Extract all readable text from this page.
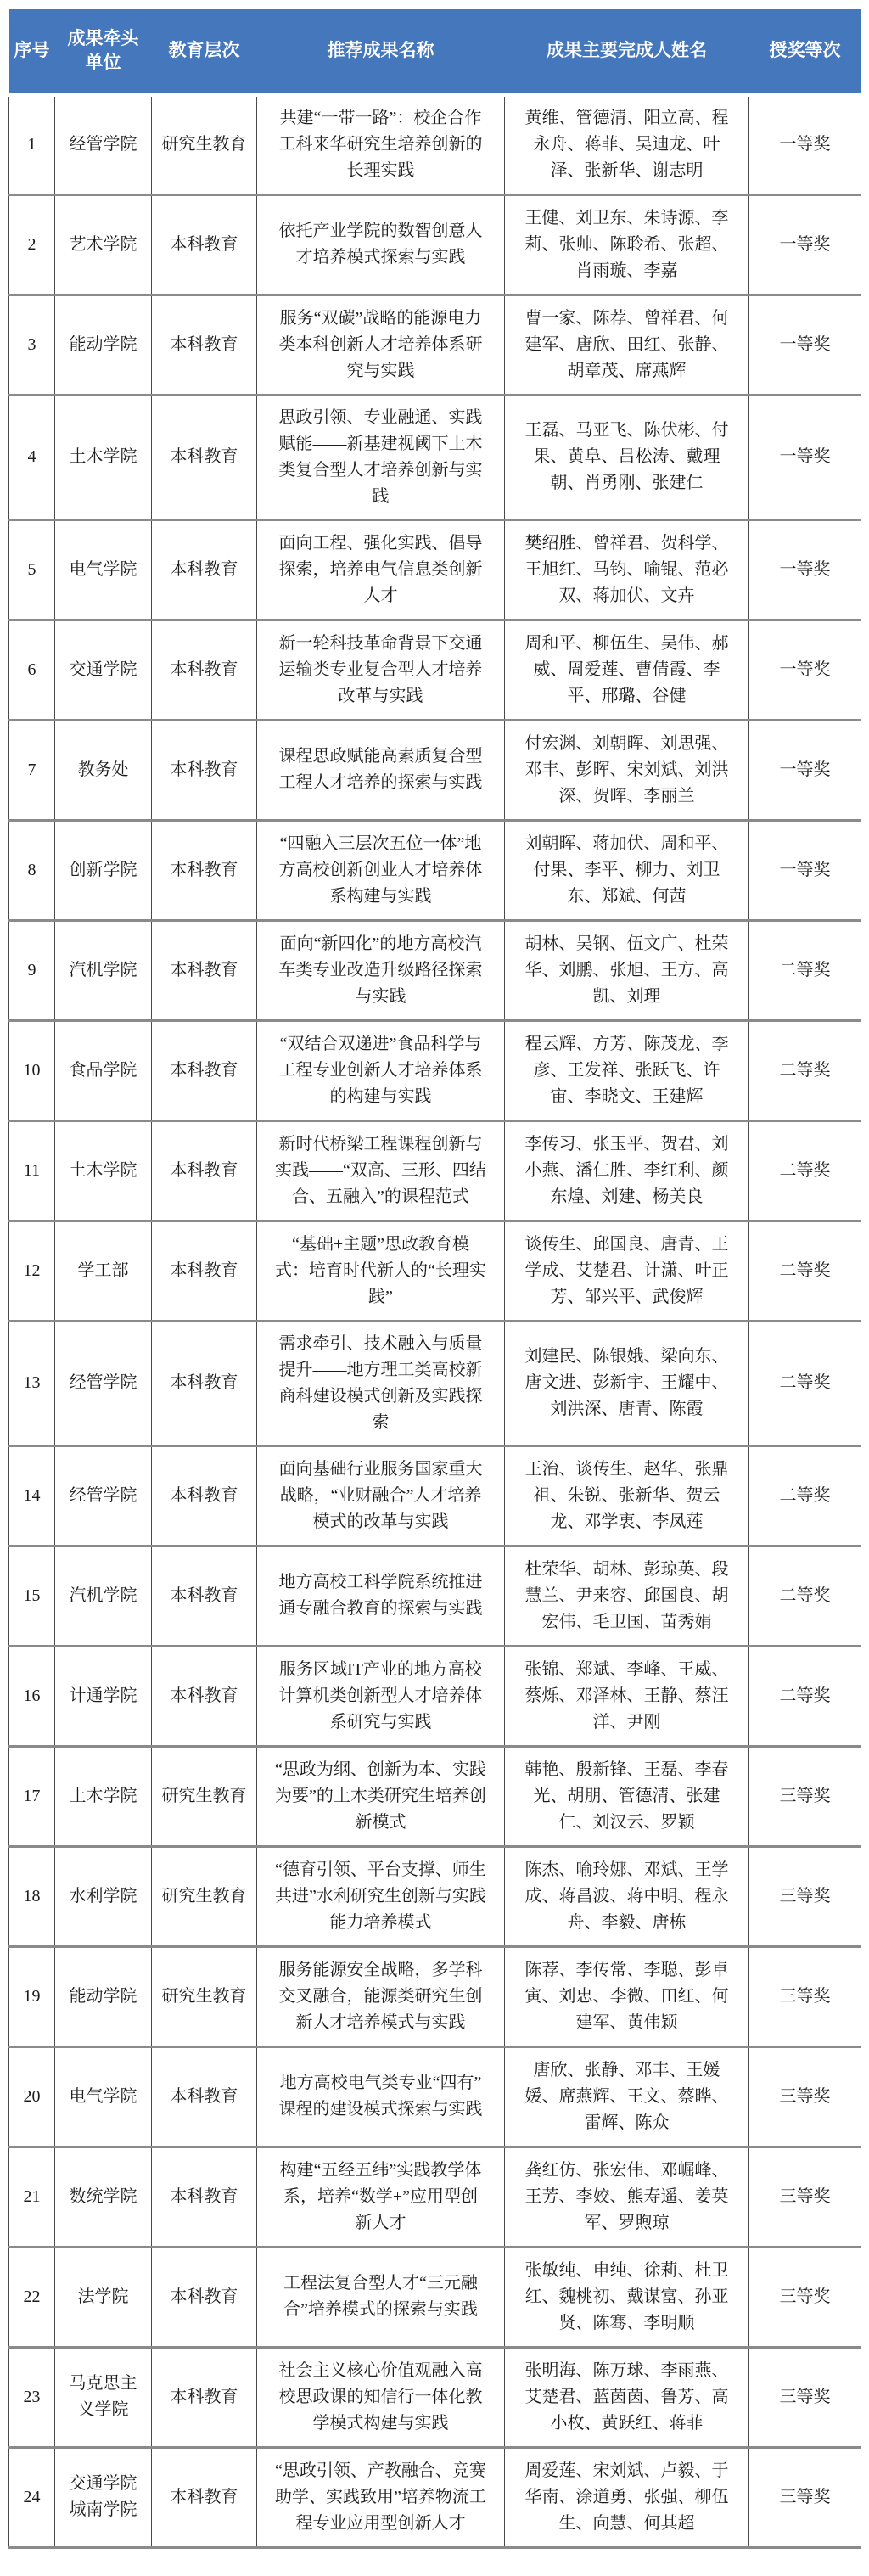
序号	成果牵头单位	教育层次	推荐成果名称	成果主要完成人姓名	授奖等次
1	经管学院	研究生教育	共建“一带一路”：校企合作工科来华研究生培养创新的长理实践	黄维、管德清、阳立高、程永舟、蒋菲、吴迪龙、叶泽、张新华、谢志明	一等奖
2	艺术学院	本科教育	依托产业学院的数智创意人才培养模式探索与实践	王健、刘卫东、朱诗源、李莉、张帅、陈聆希、张超、肖雨璇、李嘉	一等奖
3	能动学院	本科教育	服务“双碳”战略的能源电力类本科创新人才培养体系研究与实践	曹一家、陈荐、曾祥君、何建军、唐欣、田红、张静、胡章茂、席燕辉	一等奖
4	土木学院	本科教育	思政引领、专业融通、实践赋能——新基建视阈下土木类复合型人才培养创新与实践	王磊、马亚飞、陈伏彬、付果、黄阜、吕松涛、戴理朝、肖勇刚、张建仁	一等奖
5	电气学院	本科教育	面向工程、强化实践、倡导探索，培养电气信息类创新人才	樊绍胜、曾祥君、贺科学、王旭红、马钧、喻锟、范必双、蒋加伏、文卉	一等奖
6	交通学院	本科教育	新一轮科技革命背景下交通运输类专业复合型人才培养改革与实践	周和平、柳伍生、吴伟、郝威、周爱莲、曹倩霞、李平、邢璐、谷健	一等奖
7	教务处	本科教育	课程思政赋能高素质复合型工程人才培养的探索与实践	付宏渊、刘朝晖、刘思强、邓丰、彭晖、宋刘斌、刘洪深、贺晖、李丽兰	一等奖
8	创新学院	本科教育	“四融入三层次五位一体”地方高校创新创业人才培养体系构建与实践	刘朝晖、蒋加伏、周和平、付果、李平、柳力、刘卫东、郑斌、何茜	一等奖
9	汽机学院	本科教育	面向“新四化”的地方高校汽车类专业改造升级路径探索与实践	胡林、吴钢、伍文广、杜荣华、刘鹏、张旭、王方、高凯、刘理	二等奖
10	食品学院	本科教育	“双结合双递进”食品科学与工程专业创新人才培养体系的构建与实践	程云辉、方芳、陈茂龙、李彦、王发祥、张跃飞、许宙、李晓文、王建辉	二等奖
11	土木学院	本科教育	新时代桥梁工程课程创新与实践——“双高、三形、四结合、五融入”的课程范式	李传习、张玉平、贺君、刘小燕、潘仁胜、李红利、颜东煌、刘建、杨美良	二等奖
12	学工部	本科教育	“基础+主题”思政教育模式：培育时代新人的“长理实践”	谈传生、邱国良、唐青、王学成、艾楚君、计潇、叶正芳、邹兴平、武俊辉	二等奖
13	经管学院	本科教育	需求牵引、技术融入与质量提升——地方理工类高校新商科建设模式创新及实践探索	刘建民、陈银娥、梁向东、唐文进、彭新宇、王耀中、刘洪深、唐青、陈霞	二等奖
14	经管学院	本科教育	面向基础行业服务国家重大战略，“业财融合”人才培养模式的改革与实践	王治、谈传生、赵华、张鼎祖、朱锐、张新华、贺云龙、邓学衷、李凤莲	二等奖
15	汽机学院	本科教育	地方高校工科学院系统推进通专融合教育的探索与实践	杜荣华、胡林、彭琼英、段慧兰、尹来容、邱国良、胡宏伟、毛卫国、苗秀娟	二等奖
16	计通学院	本科教育	服务区域IT产业的地方高校计算机类创新型人才培养体系研究与实践	张锦、郑斌、李峰、王威、蔡烁、邓泽林、王静、蔡汪洋、尹刚	二等奖
17	土木学院	研究生教育	“思政为纲、创新为本、实践为要”的土木类研究生培养创新模式	韩艳、殷新锋、王磊、李春光、胡朋、管德清、张建仁、刘汉云、罗颖	三等奖
18	水利学院	研究生教育	“德育引领、平台支撑、师生共进”水利研究生创新与实践能力培养模式	陈杰、喻玲娜、邓斌、王学成、蒋昌波、蒋中明、程永舟、李毅、唐栋	三等奖
19	能动学院	研究生教育	服务能源安全战略，多学科交叉融合，能源类研究生创新人才培养模式与实践	陈荐、李传常、李聪、彭卓寅、刘忠、李微、田红、何建军、黄伟颖	三等奖
20	电气学院	本科教育	地方高校电气类专业“四有”课程的建设模式探索与实践	唐欣、张静、邓丰、王媛媛、席燕辉、王文、蔡晔、雷辉、陈众	三等奖
21	数统学院	本科教育	构建“五经五纬”实践教学体系，培养“数学+”应用型创新人才	龚红仿、张宏伟、邓崛峰、王芳、李姣、熊寿遥、姜英军、罗煦琼	三等奖
22	法学院	本科教育	工程法复合型人才“三元融合”培养模式的探索与实践	张敏纯、申纯、徐莉、杜卫红、魏桃初、戴谋富、孙亚贤、陈骞、李明顺	三等奖
23	马克思主义学院	本科教育	社会主义核心价值观融入高校思政课的知信行一体化教学模式构建与实践	张明海、陈万球、李雨燕、艾楚君、蓝茵茵、鲁芳、高小枚、黄跃红、蒋菲	三等奖
24	交通学院城南学院	本科教育	“思政引领、产教融合、竞赛助学、实践致用”培养物流工程专业应用型创新人才	周爱莲、宋刘斌、卢毅、于华南、涂道勇、张强、柳伍生、向慧、何其超	三等奖
